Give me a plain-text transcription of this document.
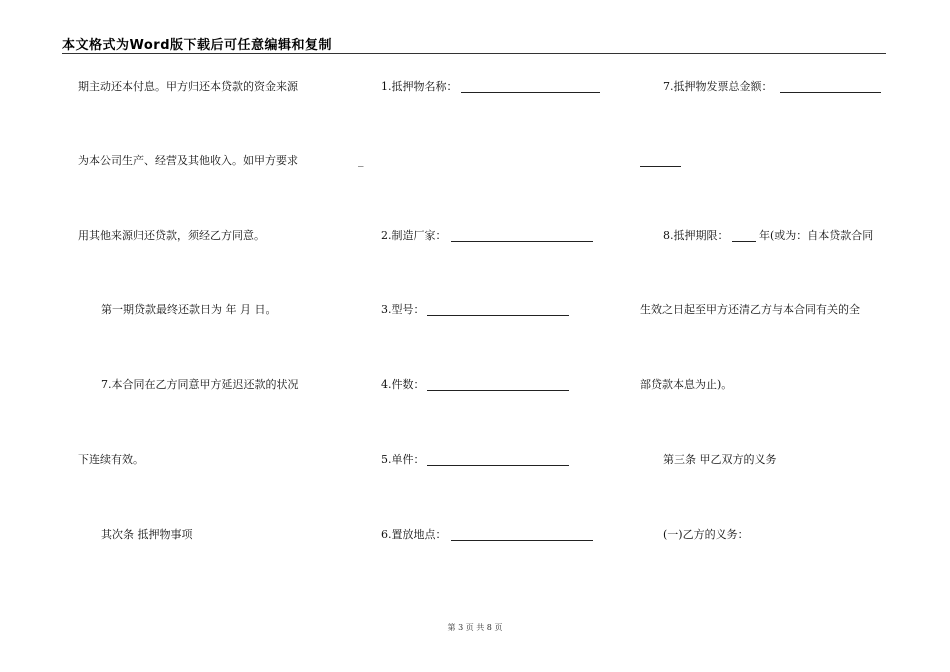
本文格式为Word版下载后可任意编辑和复制
期主动还本付息。甲方归还本贷款的资金来源
为本公司生产、经营及其他收入。如甲方要求
用其他来源归还贷款，须经乙方同意。
第一期贷款最终还款日为 年 月 日。
7.本合同在乙方同意甲方延迟还款的状况
下连续有效。
其次条 抵押物事项
1.抵押物名称：
_
2.制造厂家：
3.型号：
4.件数：
5.单件：
6.置放地点：
7.抵押物发票总金额：
8.抵押期限：	年(或为：自本贷款合同
生效之日起至甲方还清乙方与本合同有关的全
部贷款本息为止)。
第三条 甲乙双方的义务
(一)乙方的义务：
第 3 页 共 8 页
